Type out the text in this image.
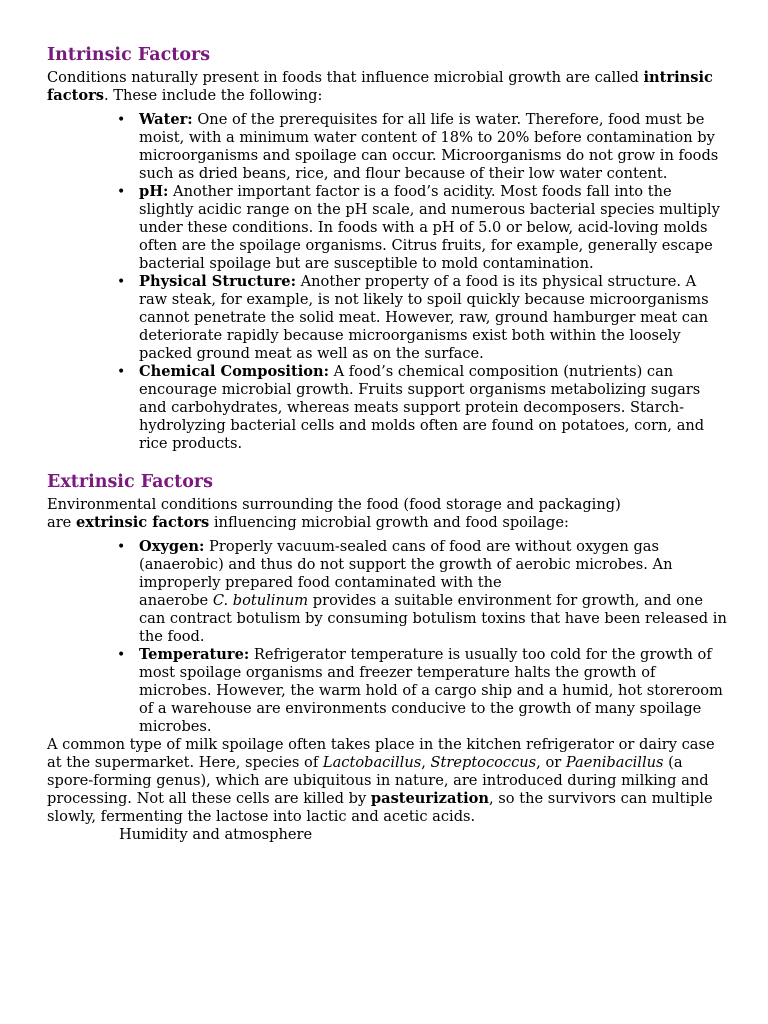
Intrinsic Factors

Conditions naturally present in foods that influence microbial growth are called intrinsic factors. These include the following:

• Water: One of the prerequisites for all life is water. Therefore, food must be moist, with a minimum water content of 18% to 20% before contamination by microorganisms and spoilage can occur. Microorganisms do not grow in foods such as dried beans, rice, and flour because of their low water content.
• pH: Another important factor is a food’s acidity. Most foods fall into the slightly acidic range on the pH scale, and numerous bacterial species multiply under these conditions. In foods with a pH of 5.0 or below, acid-loving molds often are the spoilage organisms. Citrus fruits, for example, generally escape bacterial spoilage but are susceptible to mold contamination.
• Physical Structure: Another property of a food is its physical structure. A raw steak, for example, is not likely to spoil quickly because microorganisms cannot penetrate the solid meat. However, raw, ground hamburger meat can deteriorate rapidly because microorganisms exist both within the loosely packed ground meat as well as on the surface.
• Chemical Composition: A food’s chemical composition (nutrients) can encourage microbial growth. Fruits support organisms metabolizing sugars and carbohydrates, whereas meats support protein decomposers. Starch-hydrolyzing bacterial cells and molds often are found on potatoes, corn, and rice products.
Extrinsic Factors

Environmental conditions surrounding the food (food storage and packaging)
are extrinsic factors influencing microbial growth and food spoilage:

• Oxygen: Properly vacuum-sealed cans of food are without oxygen gas (anaerobic) and thus do not support the growth of aerobic microbes. An improperly prepared food contaminated with the
anaerobe C. botulinum provides a suitable environment for growth, and one can contract botulism by consuming botulism toxins that have been released in the food.
• Temperature: Refrigerator temperature is usually too cold for the growth of most spoilage organisms and freezer temperature halts the growth of microbes. However, the warm hold of a cargo ship and a humid, hot storeroom of a warehouse are environments conducive to the growth of many spoilage microbes.

A common type of milk spoilage often takes place in the kitchen refrigerator or dairy case at the supermarket. Here, species of Lactobacillus, Streptococcus, or Paenibacillus (a spore-forming genus), which are ubiquitous in nature, are introduced during milking and processing. Not all these cells are killed by pasteurization, so the survivors can multiple slowly, fermenting the lactose into lactic and acetic acids.

Humidity and atmosphere
